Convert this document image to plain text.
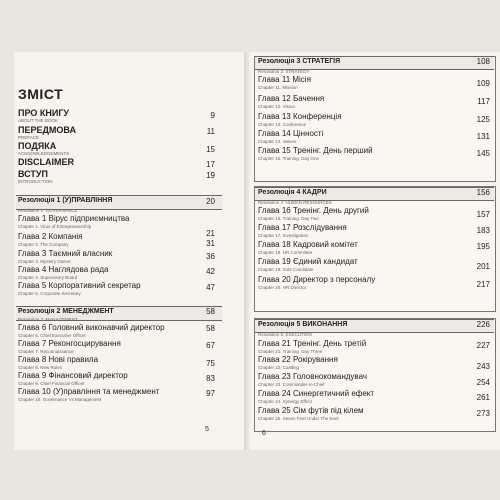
ЗМІСТ
ПРО КНИГУ
ABOUT THE BOOK
9
ПЕРЕДМОВА
PREFACE
11
ПОДЯКА
ACKNOWLEDGEMENTS	15
DISCLAIMER	17
ВСТУП
INTRODUCTION
19
Резолюція 1 (У)ПРАВЛІННЯ
Resolution 1: GOVERNANCE
20
Глава 1 Вірус підприємництва
Chapter 1. Virus of Entrepreneurship
21
Глава 2 Компанія
Chapter 2. The Company	31
Глава 3 Таємний власник
Chapter 3. Mystery Owner
36
Глава 4 Наглядова рада
Chapter 4. Supervisory Board
42
Глава 5 Корпоративний секретар
Chapter 5. Corporate Secretary
47
Резолюція 2 МЕНЕДЖМЕНТ
Resolution 2: MANAGEMENT
58
Глава 6 Головний виконавчий директор
Chapter 6. Chief Executive Officer
58
Глава 7 Реконгосцирування
Chapter 7. Reconnaissance
67
Глава 8 Нові правила
Chapter 8. New Rules	75
Глава 9 Фінансовий директор
Chapter 9. Chief Financial Officer
83
Глава 10 (У)правління та менеджмент
Chapter 10. Governance Vs Management
97
5
Резолюція 3 СТРАТЕГІЯ	108
Resolution 3: STRATEGY
Глава 11 Місія
Chapter 11. Mission	109
Глава 12 Бачення
Chapter 12. Vision
117
Глава 13 Конференція
Chapter 13. Conference
125
Глава 14 Цінності
Chapter 14. Values
131
Глава 15 Тренінг. День перший
Chapter 15. Training. Day One
145
Резолюція 4 КАДРИ	156
Resolution 4: HUMAN RESOURCES
Глава 16 Тренінг. День другий
Chapter 16. Training. Day Two	157
Глава 17 Розслідування
Chapter 17. Investigation
183
Глава 18 Кадровий комітет
Chapter 18. HR Committee
195
Глава 19 Єдиний кандидат
Chapter 19. Sole Candidate	201
Глава 20 Директор з персоналу
Chapter 20. HR Director	217
Резолюція 5 ВИКОНАННЯ	226
Resolution 5: EXECUTION
Глава 21 Тренінг. День третій
Chapter 21. Training. Day Three
227
Глава 22 Рокірування
Chapter 22. Castling	243
Глава 23 Головнокомандувач
Chapter 23. Commander-in-Chief	254
Глава 24 Синергетичний ефект
Chapter 24. Synergy Effect	261
Глава 25 Сім футів під кілем
Chapter 25. Seven Feet Under The Keel
273
6
